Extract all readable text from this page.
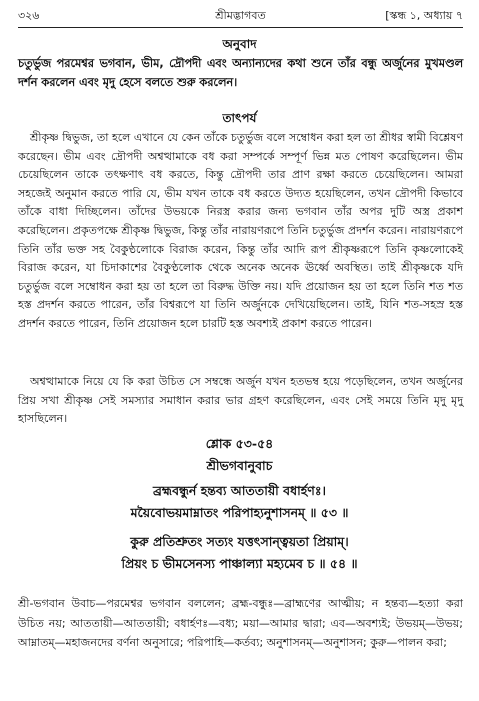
৩২৬	শ্রীমদ্ভাগবত	[স্কন্ধ ১, অধ্যায় ৭
অনুবাদ
চতুর্ভুজ পরমেশ্বর ভগবান, ভীম, দ্রৌপদী এবং অন্যান্যদের কথা শুনে তাঁর বন্ধু অর্জুনের মুখমণ্ডল দর্শন করলেন এবং মৃদু হেসে বলতে শুরু করলেন।
তাৎপর্য
শ্রীকৃষ্ণ দ্বিভুজ, তা হলে এখানে যে কেন তাঁকে চতুর্ভুজ বলে সম্বোধন করা হল তা শ্রীধর স্বামী বিশ্লেষণ করেছেন। ভীম এবং দ্রৌপদী অশ্বত্থামাকে বধ করা সম্পর্কে সম্পূর্ণ ভিন্ন মত পোষণ করেছিলেন। ভীম চেয়েছিলেন তাকে তৎক্ষণাৎ বধ করতে, কিন্তু দ্রৌপদী তার প্রাণ রক্ষা করতে চেয়েছিলেন। আমরা সহজেই অনুমান করতে পারি যে, ভীম যখন তাকে বধ করতে উদ্যত হয়েছিলেন, তখন দ্রৌপদী কিভাবে তাঁকে বাধা দিচ্ছিলেন। তাঁদের উভয়কে নিরস্ত্র করার জন্য ভগবান তাঁর অপর দুটি অস্ত্র প্রকাশ করেছিলেন। প্রকৃতপক্ষে শ্রীকৃষ্ণ দ্বিভুজ, কিন্তু তাঁর নারায়ণরূপে তিনি চতুর্ভুজ প্রদর্শন করেন। নারায়ণরূপে তিনি তাঁর ভক্ত সহ বৈকুণ্ঠলোকে বিরাজ করেন, কিন্তু তাঁর আদি রূপ শ্রীকৃষ্ণরূপে তিনি কৃষ্ণলোকেই বিরাজ করেন, যা চিদাকাশের বৈকুণ্ঠলোক থেকে অনেক অনেক ঊর্ধ্বে অবস্থিত। তাই শ্রীকৃষ্ণকে যদি চতুর্ভুজ বলে সম্বোধন করা হয় তা হলে তা বিরুদ্ধ উক্তি নয়। যদি প্রয়োজন হয় তা হলে তিনি শত শত হস্ত প্রদর্শন করতে পারেন, তাঁর বিশ্বরূপে যা তিনি অর্জুনকে দেখিয়েছিলেন। তাই, যিনি শত-সহস্র হস্ত প্রদর্শন করতে পারেন, তিনি প্রয়োজন হলে চারটি হস্ত অবশ্যই প্রকাশ করতে পারেন।
অশ্বত্থামাকে নিয়ে যে কি করা উচিত সে সম্বন্ধে অর্জুন যখন হতভম্ব হয়ে পড়েছিলেন, তখন অর্জুনের প্রিয় সখা শ্রীকৃষ্ণ সেই সমস্যার সমাধান করার ভার গ্রহণ করেছিলেন, এবং সেই সময়ে তিনি মৃদু মৃদু হাসছিলেন।
শ্লোক ৫৩-৫৪
শ্রীভগবানুবাচ
ব্রহ্মবন্ধুর্ন হন্তব্য আততায়ী বধার্হণঃ।
ময়ৈবোভয়মাম্নাতং পরিপাহ্যনুশাসনম্ ॥ ৫৩ ॥
কুরু প্রতিশ্রুতং সত্যং যত্তৎসান্ত্বয়তা প্রিয়াম্।
প্রিয়ং চ ভীমসেনস্য পাঞ্চাল্যা মহ্যমেব চ ॥ ৫৪ ॥
শ্রী-ভগবান উবাচ—পরমেশ্বর ভগবান বললেন; ব্রহ্ম-বন্ধুঃ—ব্রাহ্মণের আত্মীয়; ন হন্তব্য—হত্যা করা উচিত নয়; আততায়ী—আততায়ী; বধার্হণঃ—বধ্য; ময়া—আমার দ্বারা; এব—অবশ্যই; উভয়ম্—উভয়; আম্নাতম্—মহাজনদের বর্ণনা অনুসারে; পরিপাহি—কর্তব্য; অনুশাসনম্—অনুশাসন; কুরু—পালন করা;
